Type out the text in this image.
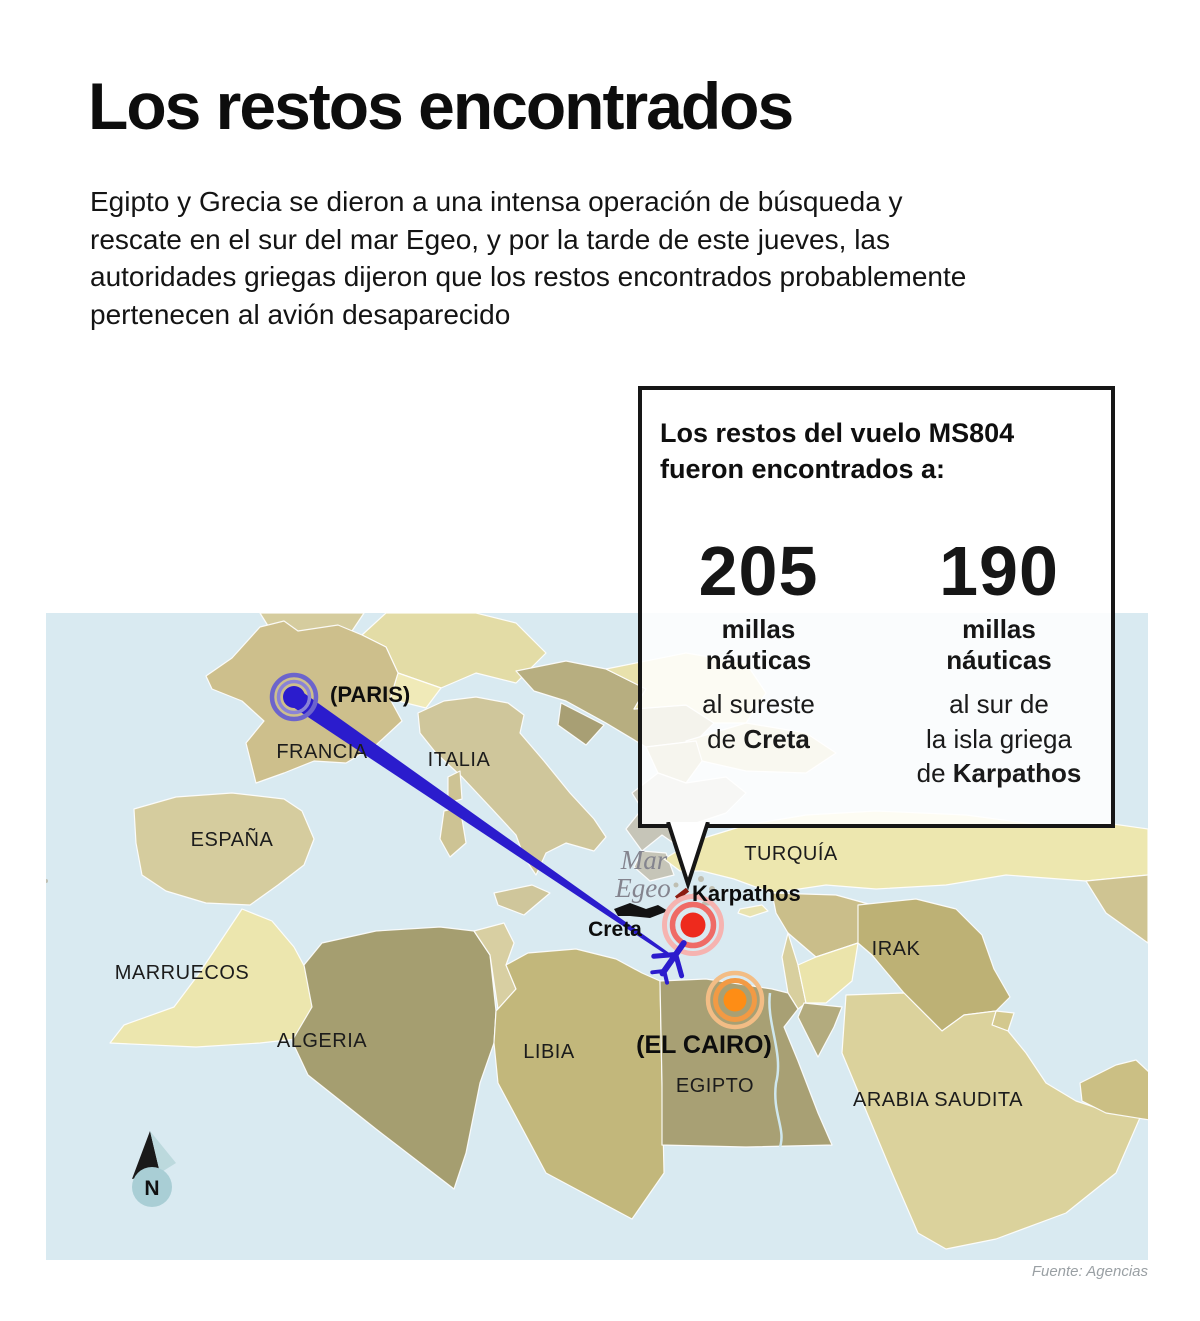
Los restos encontrados
Egipto y Grecia se dieron a una intensa operación de búsqueda y rescate en el sur del mar Egeo, y por la tarde de este jueves, las autoridades griegas dijeron que los restos encontrados probablemente pertenecen al avión desaparecido
N
ESPAÑA
FRANCIA	ITALIA
MARRUECOS
ALGERIA	LIBIA
EGIPTO
TURQUÍA
IRAK
ARABIA SAUDITA
(PARIS)
(EL CAIRO)
Karpathos
Creta
Mar
Egeo
Los restos del vuelo MS804
fueron encontrados a:
205
millas
náuticas
al sureste
de Creta
190
millas
náuticas
al sur de
la isla griega
de Karpathos
Fuente: Agencias
